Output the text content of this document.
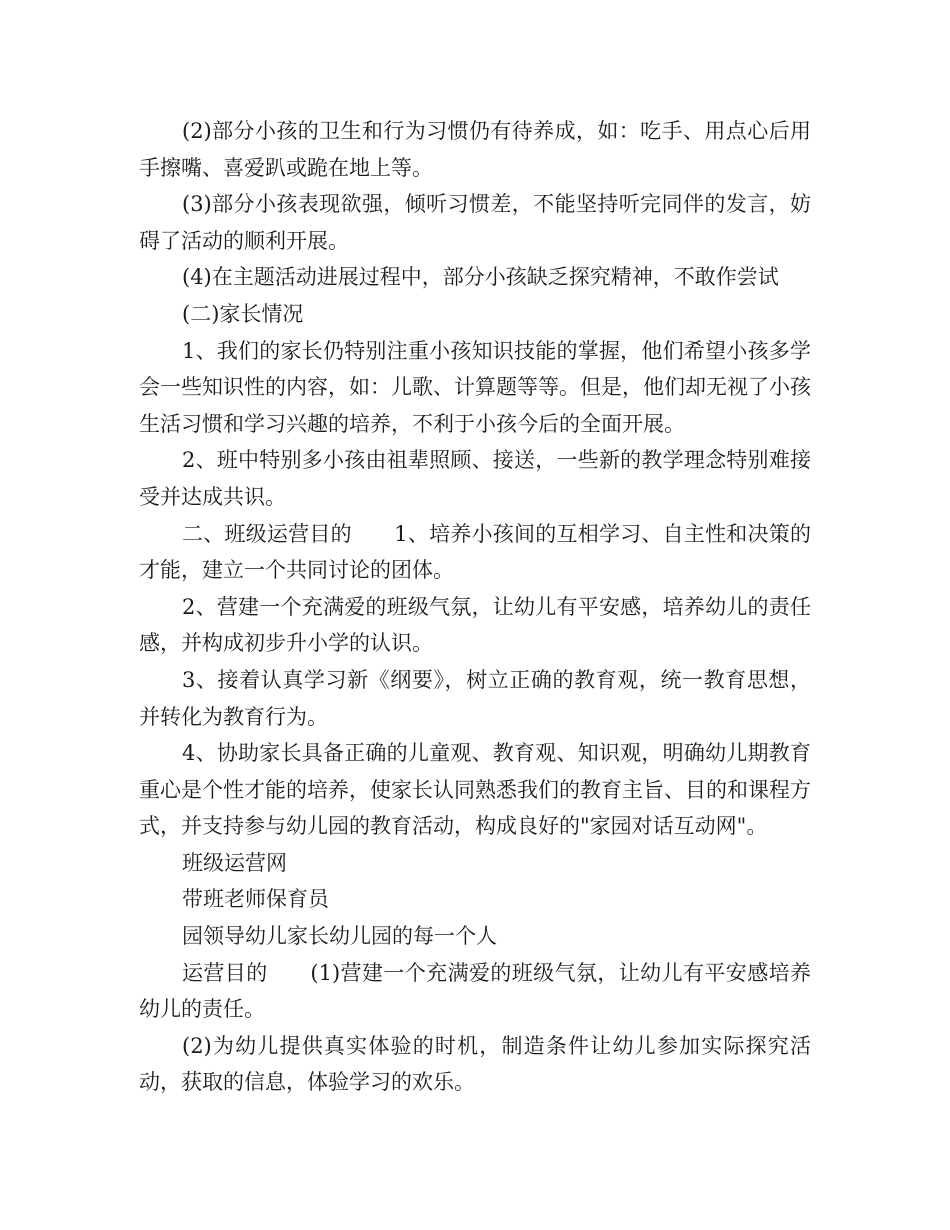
(2)部分小孩的卫生和行为习惯仍有待养成，如：吃手、用点心后用手擦嘴、喜爱趴或跪在地上等。

(3)部分小孩表现欲强，倾听习惯差，不能坚持听完同伴的发言，妨碍了活动的顺利开展。

(4)在主题活动进展过程中，部分小孩缺乏探究精神，不敢作尝试

(二)家长情况

1、我们的家长仍特别注重小孩知识技能的掌握，他们希望小孩多学会一些知识性的内容，如：儿歌、计算题等等。但是，他们却无视了小孩生活习惯和学习兴趣的培养，不利于小孩今后的全面开展。

2、班中特别多小孩由祖辈照顾、接送，一些新的教学理念特别难接受并达成共识。

二、班级运营目的　　1、培养小孩间的互相学习、自主性和决策的才能，建立一个共同讨论的团体。

2、营建一个充满爱的班级气氛，让幼儿有平安感，培养幼儿的责任感，并构成初步升小学的认识。

3、接着认真学习新《纲要》，树立正确的教育观，统一教育思想，并转化为教育行为。

4、协助家长具备正确的儿童观、教育观、知识观，明确幼儿期教育重心是个性才能的培养，使家长认同熟悉我们的教育主旨、目的和课程方式，并支持参与幼儿园的教育活动，构成良好的"家园对话互动网"。

班级运营网

带班老师保育员

园领导幼儿家长幼儿园的每一个人

运营目的　　(1)营建一个充满爱的班级气氛，让幼儿有平安感培养幼儿的责任。

(2)为幼儿提供真实体验的时机，制造条件让幼儿参加实际探究活动，获取的信息，体验学习的欢乐。
